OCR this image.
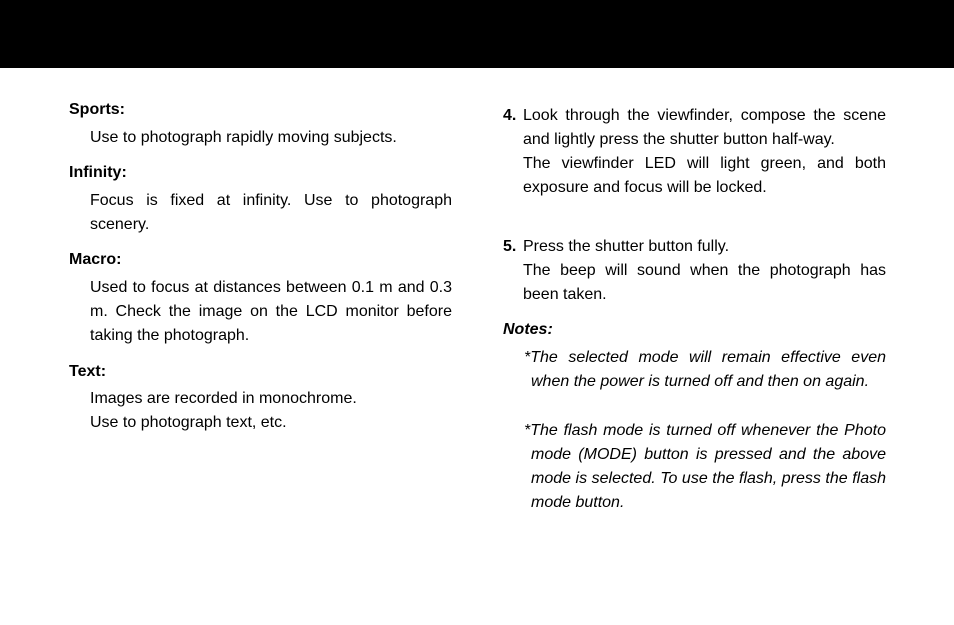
Sports:
Use to photograph rapidly moving subjects.
Infinity:
Focus is fixed at infinity. Use to photograph scenery.
Macro:
Used to focus at distances between 0.1 m and 0.3 m. Check the image on the LCD monitor before taking the photograph.
Text:
Images are recorded in monochrome.
Use to photograph text, etc.
4. Look through the viewfinder, compose the scene and lightly press the shutter button half-way.
The viewfinder LED will light green, and both exposure and focus will be locked.
5. Press the shutter button fully.
The beep will sound when the photograph has been taken.
Notes:
*The selected mode will remain effective even when the power is turned off and then on again.
*The flash mode is turned off whenever the Photo mode (MODE) button is pressed and the above mode is selected. To use the flash, press the flash mode button.
